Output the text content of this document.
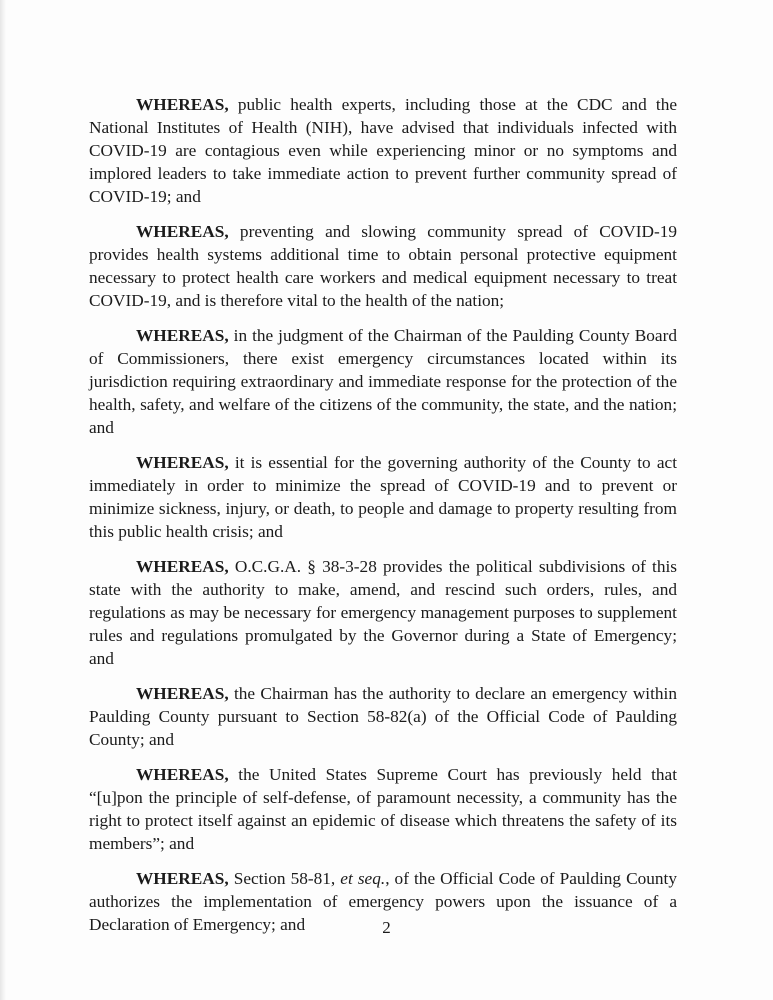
WHEREAS, public health experts, including those at the CDC and the National Institutes of Health (NIH), have advised that individuals infected with COVID-19 are contagious even while experiencing minor or no symptoms and implored leaders to take immediate action to prevent further community spread of COVID-19; and

WHEREAS, preventing and slowing community spread of COVID-19 provides health systems additional time to obtain personal protective equipment necessary to protect health care workers and medical equipment necessary to treat COVID-19, and is therefore vital to the health of the nation;

WHEREAS, in the judgment of the Chairman of the Paulding County Board of Commissioners, there exist emergency circumstances located within its jurisdiction requiring extraordinary and immediate response for the protection of the health, safety, and welfare of the citizens of the community, the state, and the nation; and

WHEREAS, it is essential for the governing authority of the County to act immediately in order to minimize the spread of COVID-19 and to prevent or minimize sickness, injury, or death, to people and damage to property resulting from this public health crisis; and

WHEREAS, O.C.G.A. § 38-3-28 provides the political subdivisions of this state with the authority to make, amend, and rescind such orders, rules, and regulations as may be necessary for emergency management purposes to supplement rules and regulations promulgated by the Governor during a State of Emergency; and

WHEREAS, the Chairman has the authority to declare an emergency within Paulding County pursuant to Section 58-82(a) of the Official Code of Paulding County; and

WHEREAS, the United States Supreme Court has previously held that “[u]pon the principle of self-defense, of paramount necessity, a community has the right to protect itself against an epidemic of disease which threatens the safety of its members”; and

WHEREAS, Section 58-81, et seq., of the Official Code of Paulding County authorizes the implementation of emergency powers upon the issuance of a Declaration of Emergency; and	2
